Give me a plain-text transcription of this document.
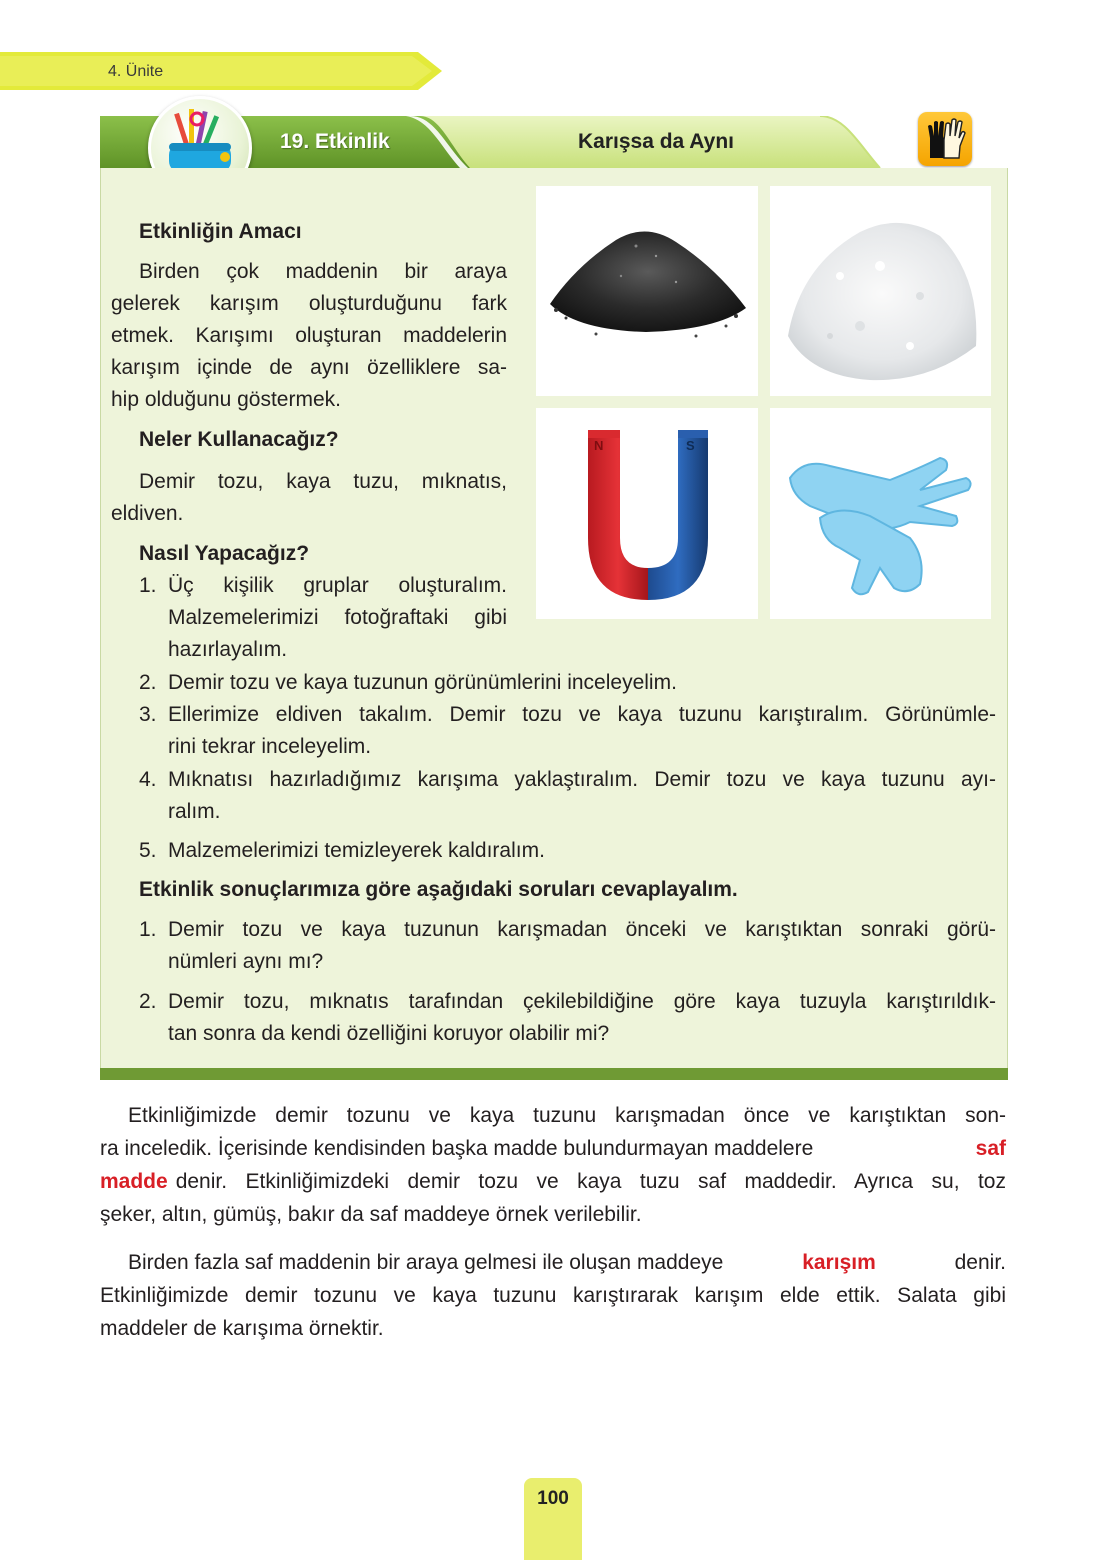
4. Ünite
19. Etkinlik	Karışsa da Aynı
Etkinliğin Amacı
Birden çok maddenin bir araya
gelerek karışım oluşturduğunu fark
etmek. Karışımı oluşturan maddelerin
karışım içinde de aynı özelliklere sa-
hip olduğunu göstermek.
Neler Kullanacağız?
Demir tozu, kaya tuzu, mıknatıs,
eldiven.
Nasıl Yapacağız?
1. Üç kişilik gruplar oluşturalım.
Malzemelerimizi fotoğraftaki gibi
hazırlayalım.
2. Demir tozu ve kaya tuzunun görünümlerini inceleyelim.
3. Ellerimize eldiven takalım. Demir tozu ve kaya tuzunu karıştıralım. Görünümle-
rini tekrar inceleyelim.
4. Mıknatısı hazırladığımız karışıma yaklaştıralım. Demir tozu ve kaya tuzunu ayı-
ralım.
5. Malzemelerimizi temizleyerek kaldıralım.
Etkinlik sonuçlarımıza göre aşağıdaki soruları cevaplayalım.
1. Demir tozu ve kaya tuzunun karışmadan önceki ve karıştıktan sonraki görü-
nümleri aynı mı?
2. Demir tozu, mıknatıs tarafından çekilebildiğine göre kaya tuzuyla karıştırıldık-
tan sonra da kendi özelliğini koruyor olabilir mi?
N	S
Etkinliğimizde demir tozunu ve kaya tuzunu karışmadan önce ve karıştıktan son-
ra inceledik. İçerisinde kendisinden başka madde bulundurmayan maddelere	saf
madde denir. Etkinliğimizdeki demir tozu ve kaya tuzu saf maddedir. Ayrıca su, toz
şeker, altın, gümüş, bakır da saf maddeye örnek verilebilir.
Birden fazla saf maddenin bir araya gelmesi ile oluşan maddeye	karışım	denir.
Etkinliğimizde demir tozunu ve kaya tuzunu karıştırarak karışım elde ettik. Salata gibi
maddeler de karışıma örnektir.
100
